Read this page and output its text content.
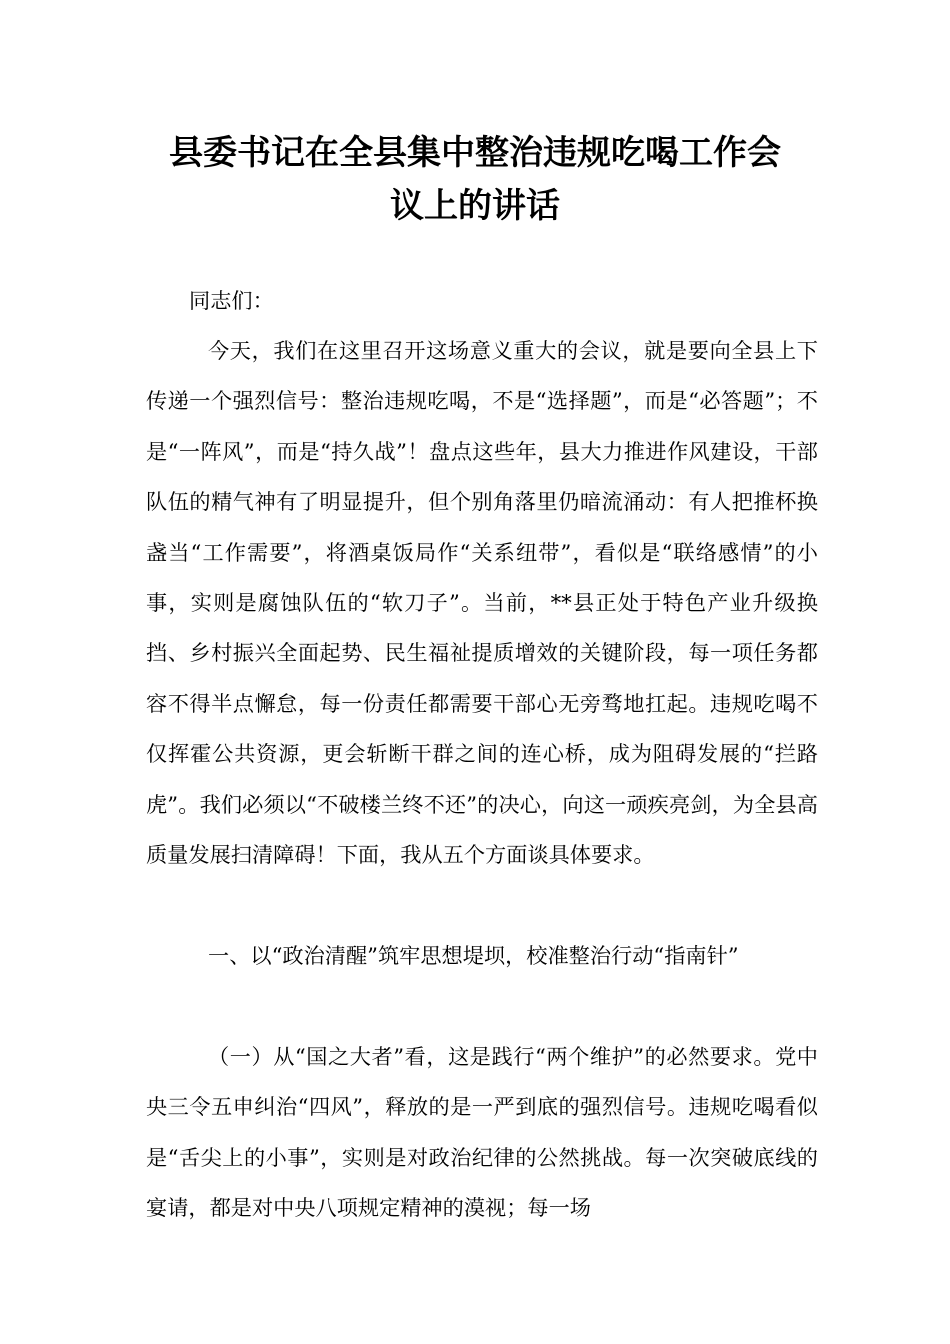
县委书记在全县集中整治违规吃喝工作会
议上的讲话

同志们：

今天，我们在这里召开这场意义重大的会议，就是要向全县上下传递一个强烈信号：整治违规吃喝，不是“选择题”，而是“必答题”；不是“一阵风”，而是“持久战”！盘点这些年，县大力推进作风建设，干部队伍的精气神有了明显提升，但个别角落里仍暗流涌动：有人把推杯换盏当“工作需要”，将酒桌饭局作“关系纽带”，看似是“联络感情”的小事，实则是腐蚀队伍的“软刀子”。当前，**县正处于特色产业升级换挡、乡村振兴全面起势、民生福祉提质增效的关键阶段，每一项任务都容不得半点懈怠，每一份责任都需要干部心无旁骛地扛起。违规吃喝不仅挥霍公共资源，更会斩断干群之间的连心桥，成为阻碍发展的“拦路虎”。我们必须以“不破楼兰终不还”的决心，向这一顽疾亮剑，为全县高质量发展扫清障碍！下面，我从五个方面谈具体要求。

一、以“政治清醒”筑牢思想堤坝，校准整治行动“指南针”

（一）从“国之大者”看，这是践行“两个维护”的必然要求。党中央三令五申纠治“四风”，释放的是一严到底的强烈信号。违规吃喝看似是“舌尖上的小事”，实则是对政治纪律的公然挑战。每一次突破底线的宴请，都是对中央八项规定精神的漠视；每一场
